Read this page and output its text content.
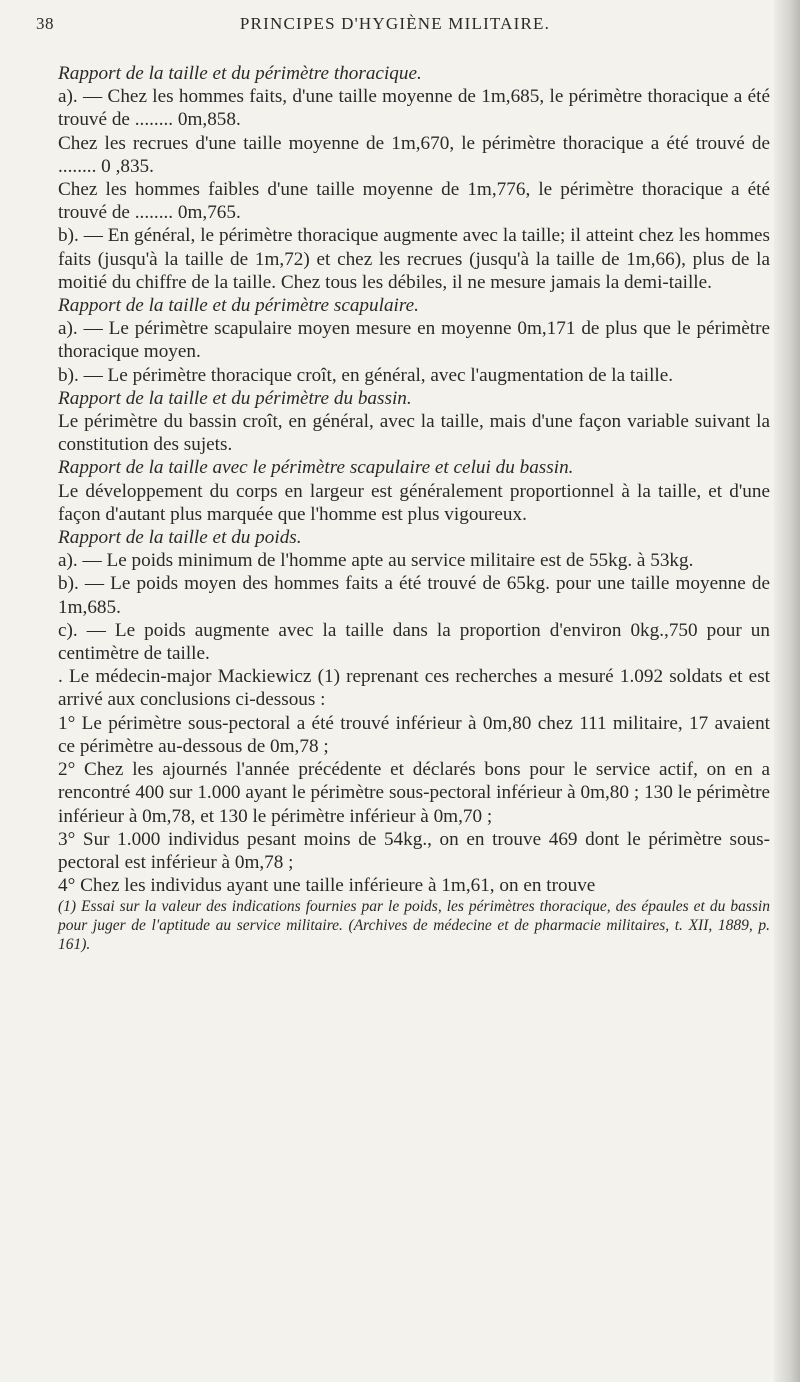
38	PRINCIPES D'HYGIÈNE MILITAIRE.

Rapport de la taille et du périmètre thoracique.

a). — Chez les hommes faits, d'une taille moyenne de 1m,685, le périmètre thoracique a été trouvé de ........ 0m,858.

Chez les recrues d'une taille moyenne de 1m,670, le périmètre thoracique a été trouvé de ........ 0 ,835.

Chez les hommes faibles d'une taille moyenne de 1m,776, le périmètre thoracique a été trouvé de ........ 0m,765.

b). — En général, le périmètre thoracique augmente avec la taille; il atteint chez les hommes faits (jusqu'à la taille de 1m,72) et chez les recrues (jusqu'à la taille de 1m,66), plus de la moitié du chiffre de la taille. Chez tous les débiles, il ne mesure jamais la demi-taille.

Rapport de la taille et du périmètre scapulaire.

a). — Le périmètre scapulaire moyen mesure en moyenne 0m,171 de plus que le périmètre thoracique moyen.

b). — Le périmètre thoracique croît, en général, avec l'augmentation de la taille.

Rapport de la taille et du périmètre du bassin.

Le périmètre du bassin croît, en général, avec la taille, mais d'une façon variable suivant la constitution des sujets.

Rapport de la taille avec le périmètre scapulaire et celui du bassin.

Le développement du corps en largeur est généralement proportionnel à la taille, et d'une façon d'autant plus marquée que l'homme est plus vigoureux.

Rapport de la taille et du poids.

a). — Le poids minimum de l'homme apte au service militaire est de 55kg. à 53kg.

b). — Le poids moyen des hommes faits a été trouvé de 65kg. pour une taille moyenne de 1m,685.

c). — Le poids augmente avec la taille dans la proportion d'environ 0kg.,750 pour un centimètre de taille.

. Le médecin-major Mackiewicz (1) reprenant ces recherches a mesuré 1.092 soldats et est arrivé aux conclusions ci-dessous :

1° Le périmètre sous-pectoral a été trouvé inférieur à 0m,80 chez 111 militaire, 17 avaient ce périmètre au-dessous de 0m,78 ;

2° Chez les ajournés l'année précédente et déclarés bons pour le service actif, on en a rencontré 400 sur 1.000 ayant le périmètre sous-pectoral inférieur à 0m,80 ; 130 le périmètre inférieur à 0m,78, et 130 le périmètre inférieur à 0m,70 ;

3° Sur 1.000 individus pesant moins de 54kg., on en trouve 469 dont le périmètre sous-pectoral est inférieur à 0m,78 ;

4° Chez les individus ayant une taille inférieure à 1m,61, on en trouve

(1) Essai sur la valeur des indications fournies par le poids, les périmètres thoracique, des épaules et du bassin pour juger de l'aptitude au service militaire. (Archives de médecine et de pharmacie militaires, t. XII, 1889, p. 161).
